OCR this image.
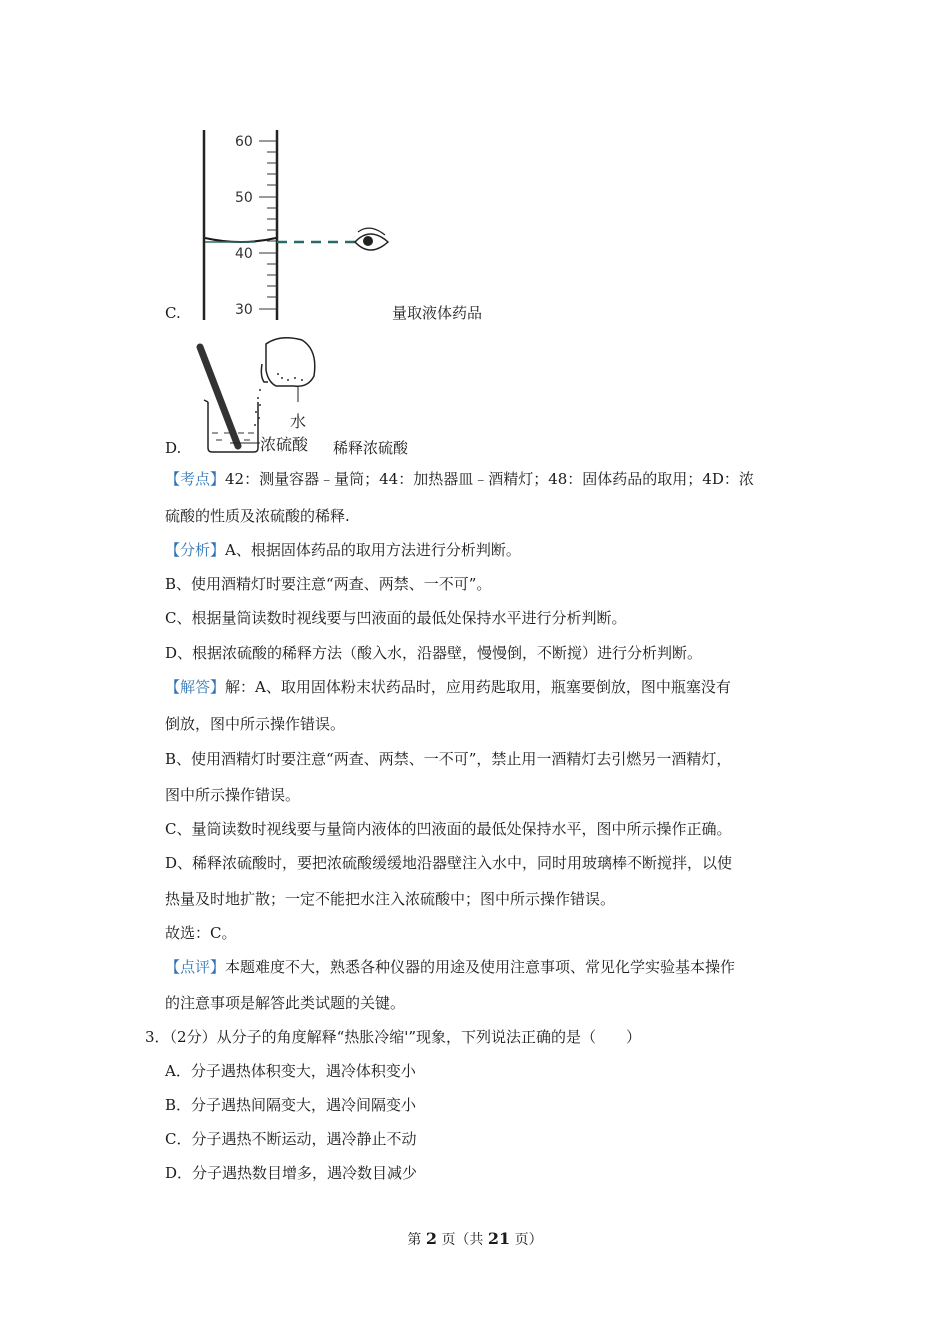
60
50
40
30
C.	量取液体药品
水
浓硫酸
D.	稀释浓硫酸
【考点】42：测量容器﹣量筒；44：加热器皿﹣酒精灯；48：固体药品的取用；4D：浓
硫酸的性质及浓硫酸的稀释.
【分析】A、根据固体药品的取用方法进行分析判断。
B、使用酒精灯时要注意“两查、两禁、一不可”。
C、根据量筒读数时视线要与凹液面的最低处保持水平进行分析判断。
D、根据浓硫酸的稀释方法（酸入水，沿器壁，慢慢倒，不断搅）进行分析判断。
【解答】解：A、取用固体粉末状药品时，应用药匙取用，瓶塞要倒放，图中瓶塞没有
倒放，图中所示操作错误。
B、使用酒精灯时要注意“两查、两禁、一不可”，禁止用一酒精灯去引燃另一酒精灯，
图中所示操作错误。
C、量筒读数时视线要与量筒内液体的凹液面的最低处保持水平，图中所示操作正确。
D、稀释浓硫酸时，要把浓硫酸缓缓地沿器壁注入水中，同时用玻璃棒不断搅拌，以使
热量及时地扩散；一定不能把水注入浓硫酸中；图中所示操作错误。
故选：C。
【点评】本题难度不大，熟悉各种仪器的用途及使用注意事项、常见化学实验基本操作
的注意事项是解答此类试题的关键。
3．（2分）从分子的角度解释“热胀冷缩'”现象，下列说法正确的是（　　）
A．分子遇热体积变大，遇冷体积变小
B．分子遇热间隔变大，遇冷间隔变小
C．分子遇热不断运动，遇冷静止不动
D．分子遇热数目增多，遇冷数目减少
第 2 页（共 21 页）
